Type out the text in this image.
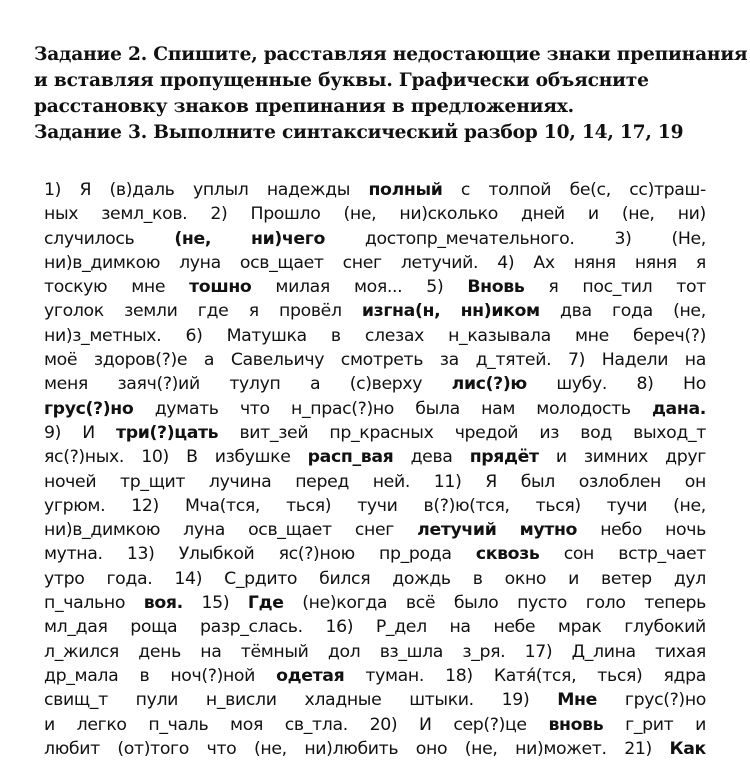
Задание 2. Спишите, расставляя недостающие знаки препинания
и вставляя пропущенные буквы. Графически объясните
расстановку знаков препинания в предложениях.
Задание 3. Выполните синтаксический разбор 10, 14, 17, 19
1) Я (в)даль уплыл надежды полный с толпой бе(с, сс)траш-
ных земл_ков. 2) Прошло (не, ни)сколько дней и (не, ни)
случилось (не, ни)чего достопр_мечательного. 3) (Не,
ни)в_димкою луна осв_щает снег летучий. 4) Ах няня няня я
тоскую мне тошно милая моя... 5) Вновь я пос_тил тот
уголок земли где я провёл изгна(н, нн)иком два года (не,
ни)з_метных. 6) Матушка в слезах н_казывала мне береч(?)
моё здоров(?)е а Савельичу смотреть за д_тятей. 7) Надели на
меня заяч(?)ий тулуп а (с)верху лис(?)ю шубу. 8) Но
грус(?)но думать что н_прас(?)но была нам молодость дана.
9) И три(?)цать вит_зей пр_красных чредой из вод выход_т
яс(?)ных. 10) В избушке расп_вая дева прядёт и зимних друг
ночей тр_щит лучина перед ней. 11) Я был озлоблен он
угрюм. 12) Мча(тся, ться) тучи в(?)ю(тся, ться) тучи (не,
ни)в_димкою луна осв_щает снег летучий мутно небо ночь
мутна. 13) Улыбкой яс(?)ною пр_рода сквозь сон встр_чает
утро года. 14) С_рдито бился дождь в окно и ветер дул
п_чально воя. 15) Где (не)когда всё было пусто голо теперь
мл_дая роща разр_слась. 16) Р_дел на небе мрак глубокий
л_жился день на тёмный дол вз_шла з_ря. 17) Д_лина тихая
др_мала в ноч(?)ной одетая туман. 18) Катя́(тся, ться) ядра
свищ_т пули н_висли хладные штыки. 19) Мне грус(?)но
и легко п_чаль моя св_тла. 20) И сер(?)це вновь г_рит и
любит (от)того что (не, ни)любить оно (не, ни)может. 21) Как
